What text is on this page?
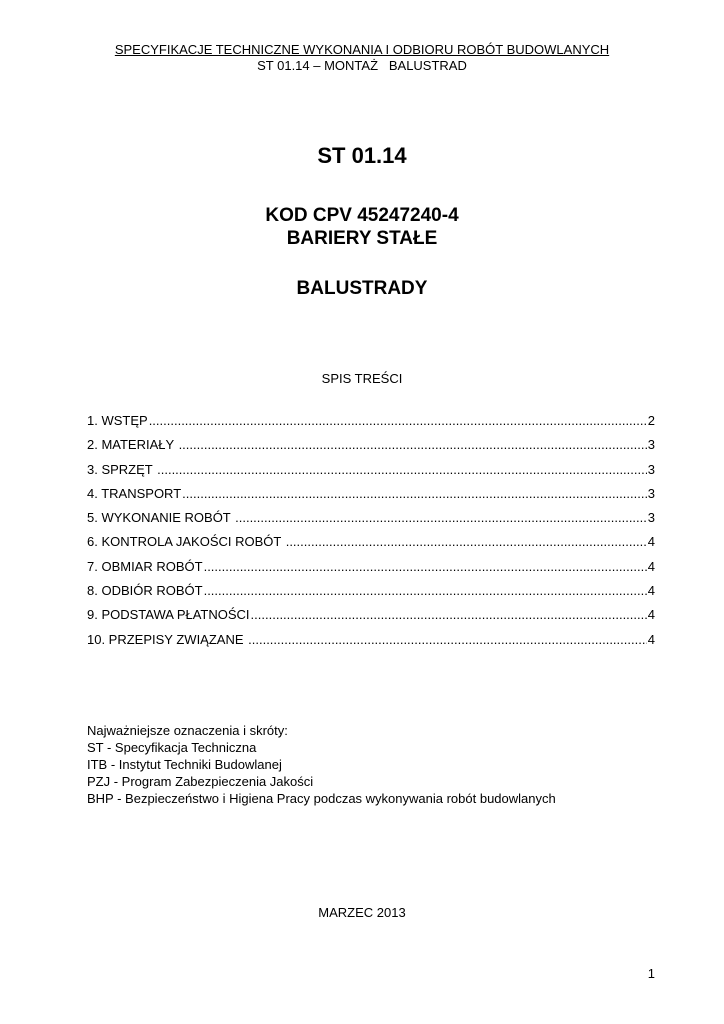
SPECYFIKACJE TECHNICZNE WYKONANIA I ODBIORU ROBÓT BUDOWLANYCH
ST 01.14 – MONTAŻ   BALUSTRAD
ST 01.14
KOD CPV 45247240-4
BARIERY STAŁE
BALUSTRADY
SPIS TREŚCI
1. WSTĘP .....	2
2. MATERIAŁY .....	3
3. SPRZĘT .....	3
4. TRANSPORT .....	3
5. WYKONANIE ROBÓT .....	3
6. KONTROLA JAKOŚCI ROBÓT .....	4
7. OBMIAR ROBÓT .....	4
8. ODBIÓR ROBÓT .....	4
9. PODSTAWA PŁATNOŚCI .....	4
10. PRZEPISY ZWIĄZANE .....	4
Najważniejsze oznaczenia i skróty:
ST - Specyfikacja Techniczna
ITB - Instytut Techniki Budowlanej
PZJ - Program Zabezpieczenia Jakości
BHP - Bezpieczeństwo i Higiena Pracy podczas wykonywania robót budowlanych
MARZEC 2013
1
